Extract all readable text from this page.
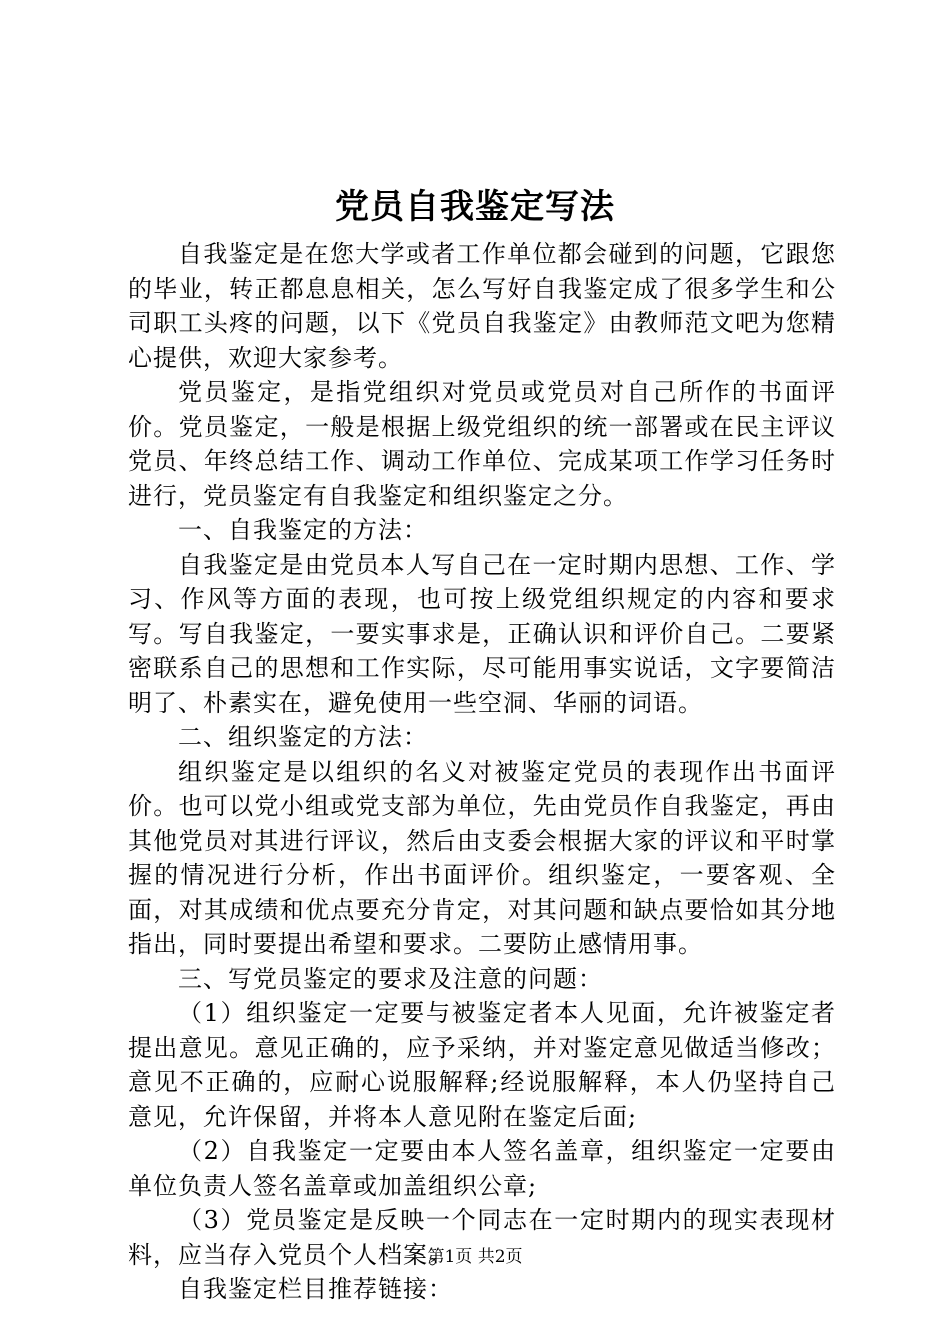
党员自我鉴定写法

自我鉴定是在您大学或者工作单位都会碰到的问题，它跟您的毕业，转正都息息相关，怎么写好自我鉴定成了很多学生和公司职工头疼的问题，以下《党员自我鉴定》由教师范文吧为您精心提供，欢迎大家参考。

党员鉴定，是指党组织对党员或党员对自己所作的书面评价。党员鉴定，一般是根据上级党组织的统一部署或在民主评议党员、年终总结工作、调动工作单位、完成某项工作学习任务时进行，党员鉴定有自我鉴定和组织鉴定之分。

一、自我鉴定的方法：

自我鉴定是由党员本人写自己在一定时期内思想、工作、学习、作风等方面的表现，也可按上级党组织规定的内容和要求写。写自我鉴定，一要实事求是，正确认识和评价自己。二要紧密联系自己的思想和工作实际，尽可能用事实说话，文字要简洁明了、朴素实在，避免使用一些空洞、华丽的词语。

二、组织鉴定的方法：

组织鉴定是以组织的名义对被鉴定党员的表现作出书面评价。也可以党小组或党支部为单位，先由党员作自我鉴定，再由其他党员对其进行评议，然后由支委会根据大家的评议和平时掌握的情况进行分析，作出书面评价。组织鉴定，一要客观、全面，对其成绩和优点要充分肯定，对其问题和缺点要恰如其分地指出，同时要提出希望和要求。二要防止感情用事。

三、写党员鉴定的要求及注意的问题：

（1）组织鉴定一定要与被鉴定者本人见面，允许被鉴定者提出意见。意见正确的，应予采纳，并对鉴定意见做适当修改；意见不正确的，应耐心说服解释;经说服解释，本人仍坚持自己意见，允许保留，并将本人意见附在鉴定后面;

（2）自我鉴定一定要由本人签名盖章，组织鉴定一定要由单位负责人签名盖章或加盖组织公章;

（3）党员鉴定是反映一个同志在一定时期内的现实表现材料，应当存入党员个人档案。

自我鉴定栏目推荐链接：

第1页 共2页
